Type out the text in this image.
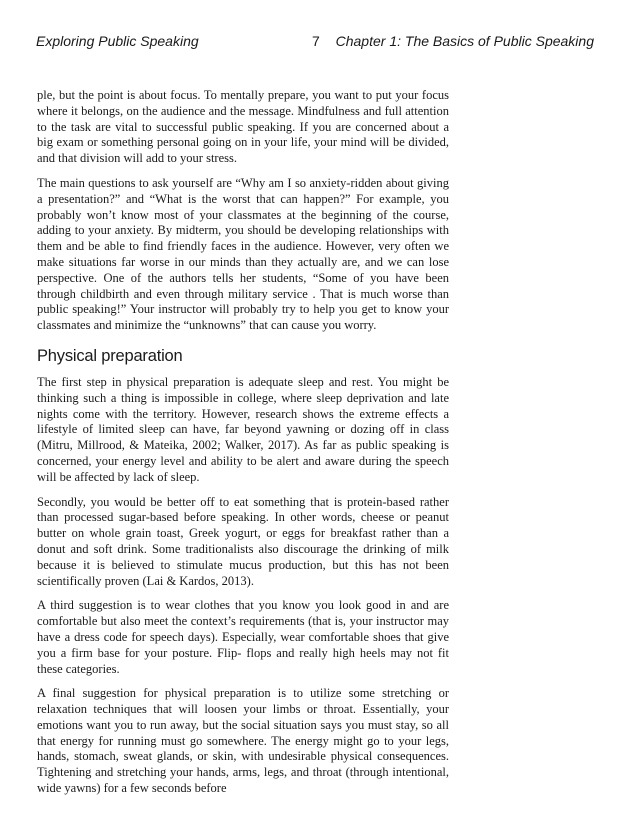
Exploring Public Speaking	7 Chapter 1: The Basics of Public Speaking

ple, but the point is about focus. To mentally prepare, you want to put your focus where it belongs, on the audience and the message. Mindfulness and full attention to the task are vital to successful public speaking. If you are concerned about a big exam or something personal going on in your life, your mind will be divided, and that division will add to your stress.

The main questions to ask yourself are “Why am I so anxiety-ridden about giving a presentation?” and “What is the worst that can happen?” For example, you probably won’t know most of your classmates at the beginning of the course, adding to your anxiety. By midterm, you should be developing relationships with them and be able to find friendly faces in the audience. However, very often we make situations far worse in our minds than they actually are, and we can lose perspective. One of the authors tells her students, “Some of you have been through childbirth and even through military service . That is much worse than public speaking!” Your instructor will probably try to help you get to know your classmates and minimize the “unknowns” that can cause you worry.

Physical preparation

The first step in physical preparation is adequate sleep and rest. You might be thinking such a thing is impossible in college, where sleep deprivation and late nights come with the territory. However, research shows the extreme effects a lifestyle of limited sleep can have, far beyond yawning or dozing off in class (Mitru, Millrood, & Mateika, 2002; Walker, 2017). As far as public speaking is concerned, your energy level and ability to be alert and aware during the speech will be affected by lack of sleep.

Secondly, you would be better off to eat something that is protein-based rather than processed sugar-based before speaking. In other words, cheese or peanut butter on whole grain toast, Greek yogurt, or eggs for breakfast rather than a donut and soft drink. Some traditionalists also discourage the drinking of milk because it is believed to stimulate mucus production, but this has not been scientifically proven (Lai & Kardos, 2013).

A third suggestion is to wear clothes that you know you look good in and are comfortable but also meet the context’s requirements (that is, your instructor may have a dress code for speech days). Especially, wear comfortable shoes that give you a firm base for your posture. Flip- flops and really high heels may not fit these categories.

A final suggestion for physical preparation is to utilize some stretching or relaxation techniques that will loosen your limbs or throat. Essentially, your emotions want you to run away, but the social situation says you must stay, so all that energy for running must go somewhere. The energy might go to your legs, hands, stomach, sweat glands, or skin, with undesirable physical consequences. Tightening and stretching your hands, arms, legs, and throat (through intentional, wide yawns) for a few seconds before
